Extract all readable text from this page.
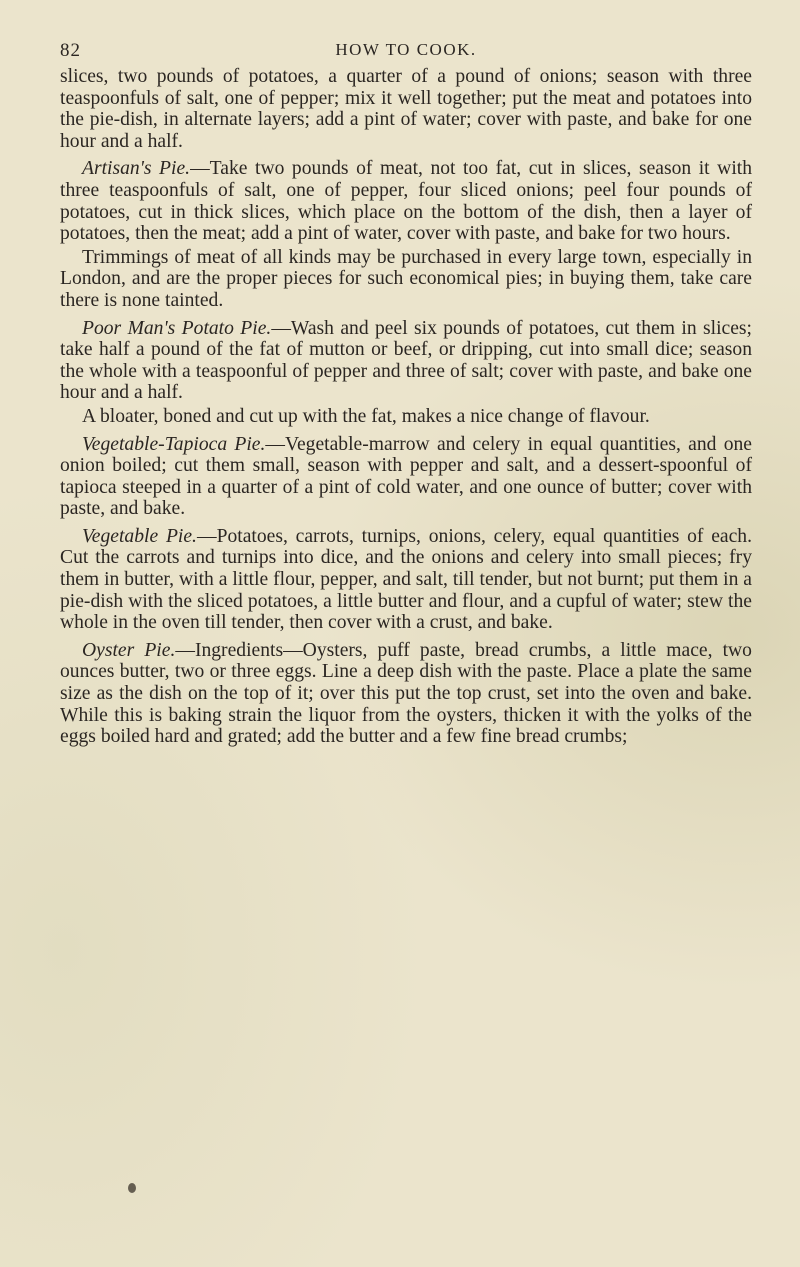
82	HOW TO COOK.

slices, two pounds of potatoes, a quarter of a pound of onions; season with three teaspoonfuls of salt, one of pepper; mix it well together; put the meat and potatoes into the pie-dish, in alternate layers; add a pint of water; cover with paste, and bake for one hour and a half.

Artisan's Pie.—Take two pounds of meat, not too fat, cut in slices, season it with three teaspoonfuls of salt, one of pepper, four sliced onions; peel four pounds of potatoes, cut in thick slices, which place on the bottom of the dish, then a layer of potatoes, then the meat; add a pint of water, cover with paste, and bake for two hours.

Trimmings of meat of all kinds may be purchased in every large town, especially in London, and are the proper pieces for such economical pies; in buying them, take care there is none tainted.

Poor Man's Potato Pie.—Wash and peel six pounds of potatoes, cut them in slices; take half a pound of the fat of mutton or beef, or dripping, cut into small dice; season the whole with a teaspoonful of pepper and three of salt; cover with paste, and bake one hour and a half.

A bloater, boned and cut up with the fat, makes a nice change of flavour.

Vegetable-Tapioca Pie.—Vegetable-marrow and celery in equal quantities, and one onion boiled; cut them small, season with pepper and salt, and a dessert-spoonful of tapioca steeped in a quarter of a pint of cold water, and one ounce of butter; cover with paste, and bake.

Vegetable Pie.—Potatoes, carrots, turnips, onions, celery, equal quantities of each. Cut the carrots and turnips into dice, and the onions and celery into small pieces; fry them in butter, with a little flour, pepper, and salt, till tender, but not burnt; put them in a pie-dish with the sliced potatoes, a little butter and flour, and a cupful of water; stew the whole in the oven till tender, then cover with a crust, and bake.

Oyster Pie.—Ingredients—Oysters, puff paste, bread crumbs, a little mace, two ounces butter, two or three eggs. Line a deep dish with the paste. Place a plate the same size as the dish on the top of it; over this put the top crust, set into the oven and bake. While this is baking strain the liquor from the oysters, thicken it with the yolks of the eggs boiled hard and grated; add the butter and a few fine bread crumbs;
